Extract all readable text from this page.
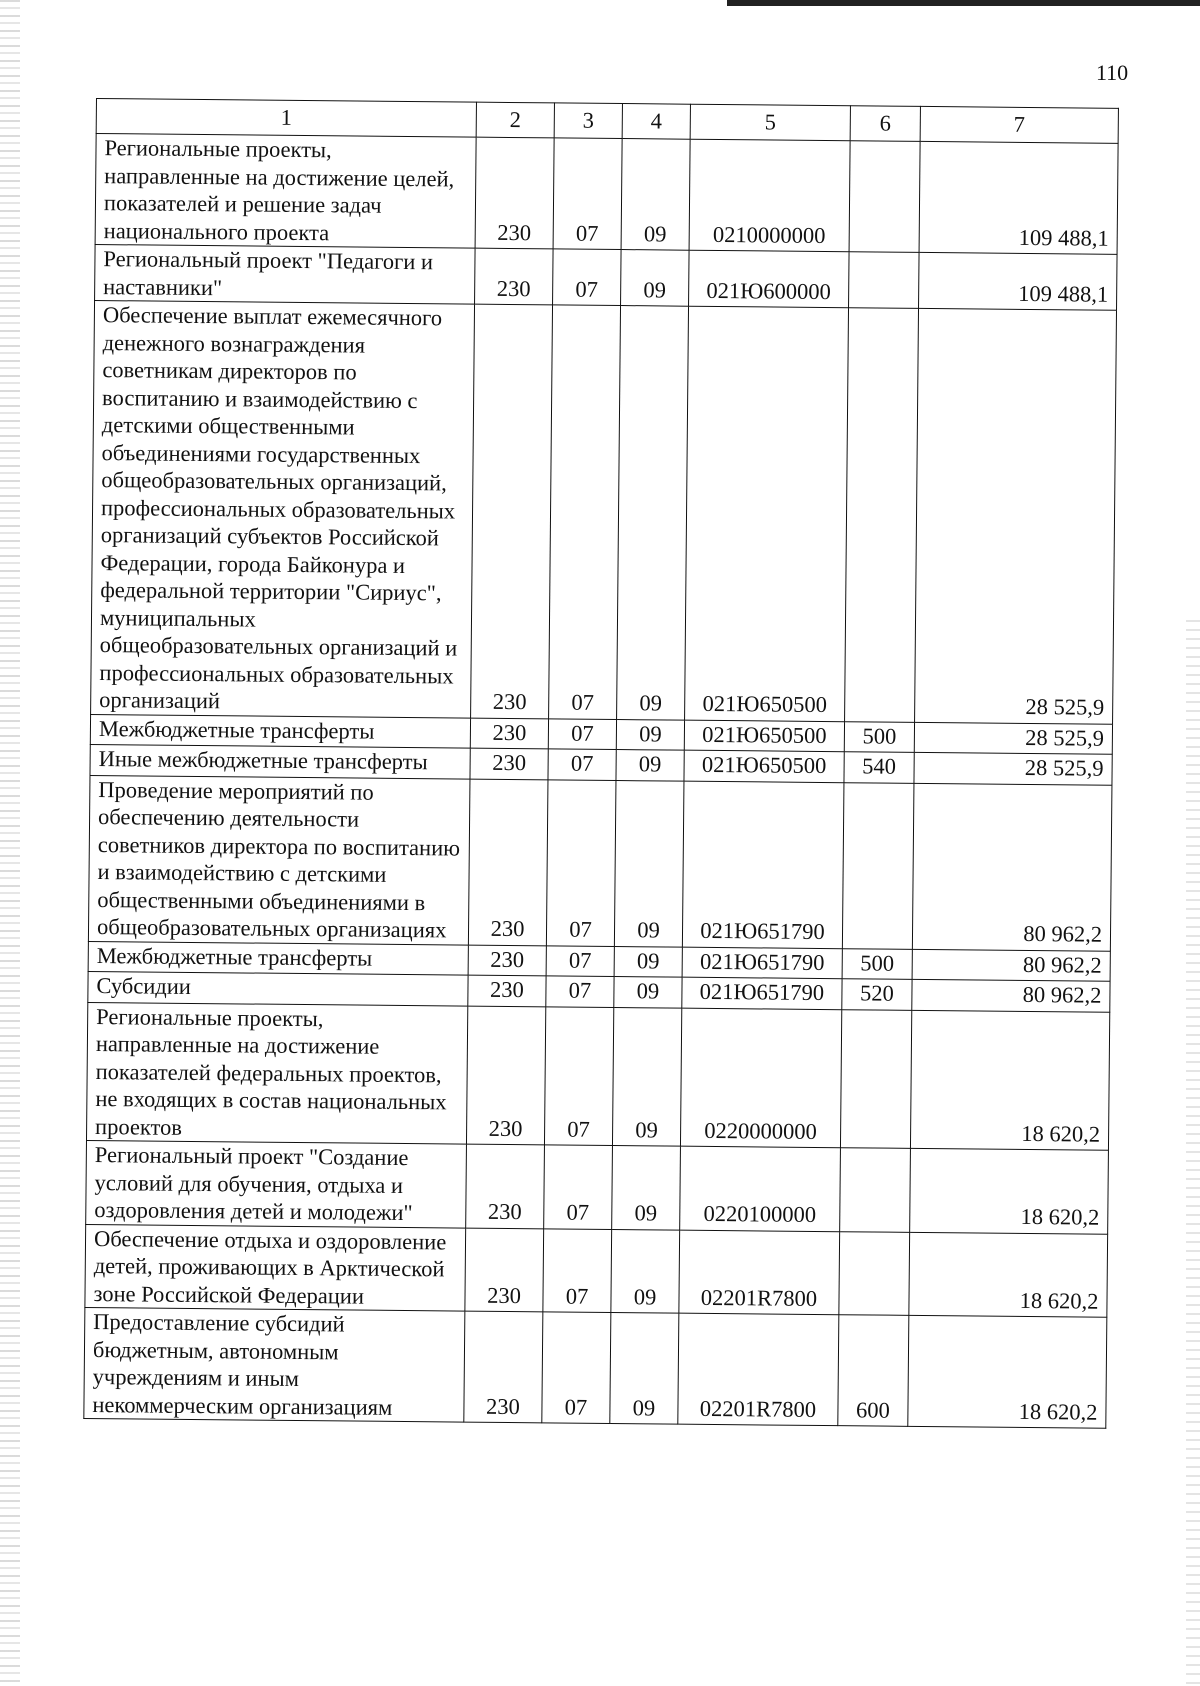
110
1	2	3	4	5	6	7
Региональные проекты, направленные на достижение целей, показателей и решение задач национального проекта	230	07	09	0210000000		109 488,1
Региональный проект "Педагоги и наставники"	230	07	09	021Ю600000		109 488,1
Обеспечение выплат ежемесячного денежного вознаграждения советникам директоров по воспитанию и взаимодействию с детскими общественными объединениями государственных общеобразовательных организаций, профессиональных образовательных организаций субъектов Российской Федерации, города Байконура и федеральной территории "Сириус", муниципальных общеобразовательных организаций и профессиональных образовательных организаций	230	07	09	021Ю650500		28 525,9
Межбюджетные трансферты	230	07	09	021Ю650500	500	28 525,9
Иные межбюджетные трансферты	230	07	09	021Ю650500	540	28 525,9
Проведение мероприятий по обеспечению деятельности советников директора по воспитанию и взаимодействию с детскими общественными объединениями в общеобразовательных организациях	230	07	09	021Ю651790		80 962,2
Межбюджетные трансферты	230	07	09	021Ю651790	500	80 962,2
Субсидии	230	07	09	021Ю651790	520	80 962,2
Региональные проекты, направленные на достижение показателей федеральных проектов, не входящих в состав национальных проектов	230	07	09	0220000000		18 620,2
Региональный проект "Создание условий для обучения, отдыха и оздоровления детей и молодежи"	230	07	09	0220100000		18 620,2
Обеспечение отдыха и оздоровление детей, проживающих в Арктической зоне Российской Федерации	230	07	09	02201R7800		18 620,2
Предоставление субсидий бюджетным, автономным учреждениям и иным некоммерческим организациям	230	07	09	02201R7800	600	18 620,2
